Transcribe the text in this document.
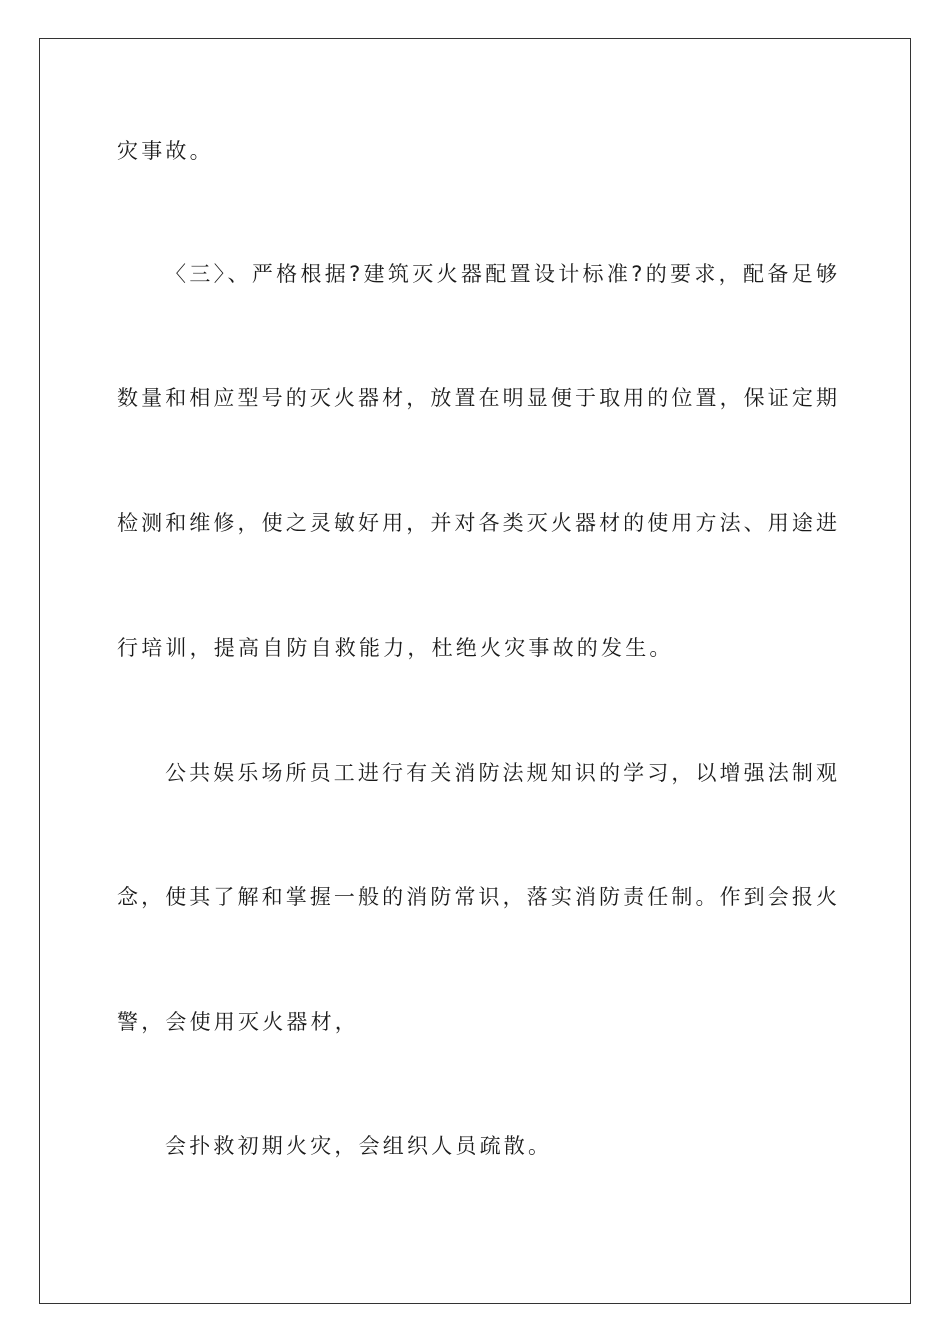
灾事故。
〈三〉、严格根据?建筑灭火器配置设计标准?的要求，配备足够
数量和相应型号的灭火器材，放置在明显便于取用的位置，保证定期
检测和维修，使之灵敏好用，并对各类灭火器材的使用方法、用途进
行培训，提高自防自救能力，杜绝火灾事故的发生。
公共娱乐场所员工进行有关消防法规知识的学习，以增强法制观
念，使其了解和掌握一般的消防常识，落实消防责任制。作到会报火
警，会使用灭火器材，
会扑救初期火灾，会组织人员疏散。
